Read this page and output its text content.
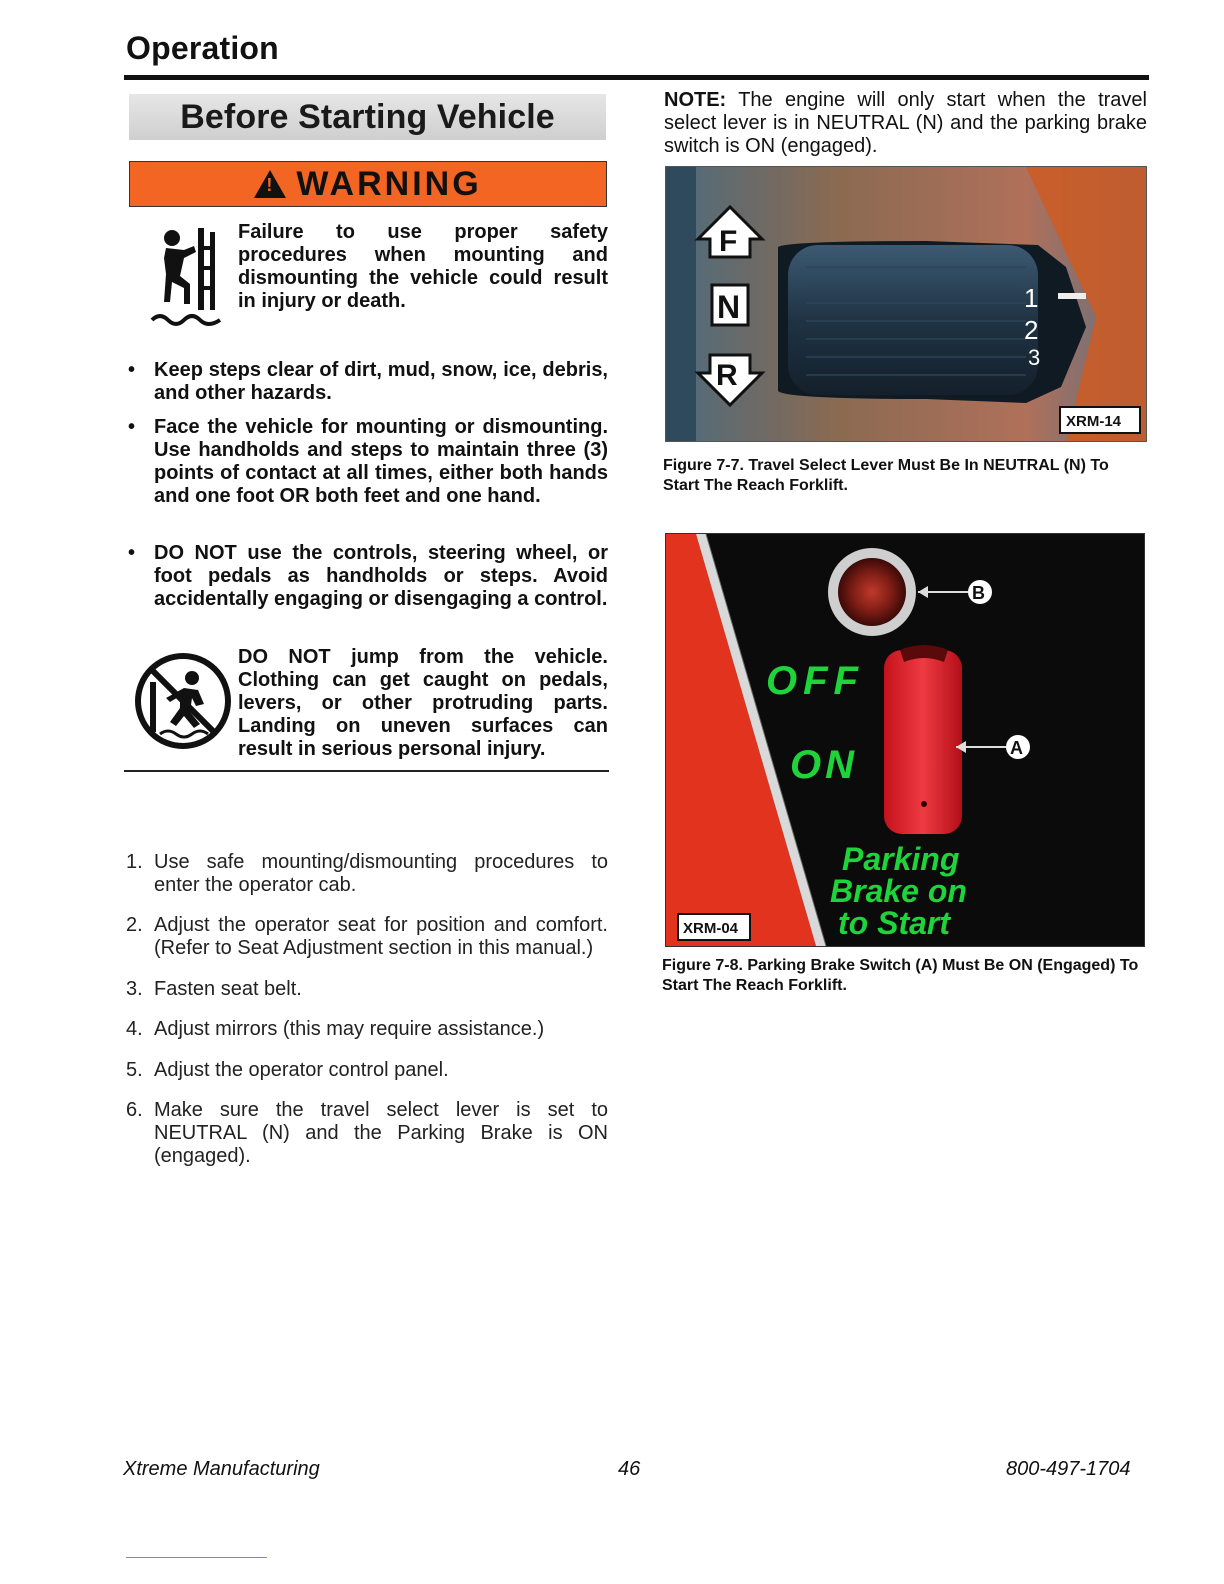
Operation
Before Starting Vehicle
!
WARNING
Failure to use proper safety procedures when mounting and dismounting the vehicle could result in injury or death.
• Keep steps clear of dirt, mud, snow, ice, debris, and other hazards.
• Face the vehicle for mounting or dismounting. Use handholds and steps to maintain three (3) points of contact at all times, either both hands and one foot OR both feet and one hand.
• DO NOT use the controls, steering wheel, or foot pedals as handholds or steps. Avoid accidentally engaging or disengaging a control.
DO NOT jump from the vehicle. Clothing can get caught on pedals, levers, or other protruding parts. Landing on uneven surfaces can result in serious personal injury.
1. Use safe mounting/dismounting procedures to enter the operator cab.
2. Adjust the operator seat for position and comfort. (Refer to Seat Adjustment section in this manual.)
3. Fasten seat belt.
4. Adjust mirrors (this may require assistance.)
5. Adjust the operator control panel.
6. Make sure the travel select lever is set to NEUTRAL (N) and the Parking Brake is ON (engaged).
NOTE: The engine will only start when the travel select lever is in NEUTRAL (N) and the parking brake switch is ON (engaged).
1
2
3
F
N
R
XRM-14
Figure 7-7. Travel Select Lever Must Be In NEUTRAL (N) To Start The Reach Forklift.
B
A
OFF
ON
Parking
Brake on
to Start
XRM-04
Figure 7-8. Parking Brake Switch (A) Must Be ON (Engaged) To Start The Reach Forklift.
Xtreme Manufacturing	46	800-497-1704
